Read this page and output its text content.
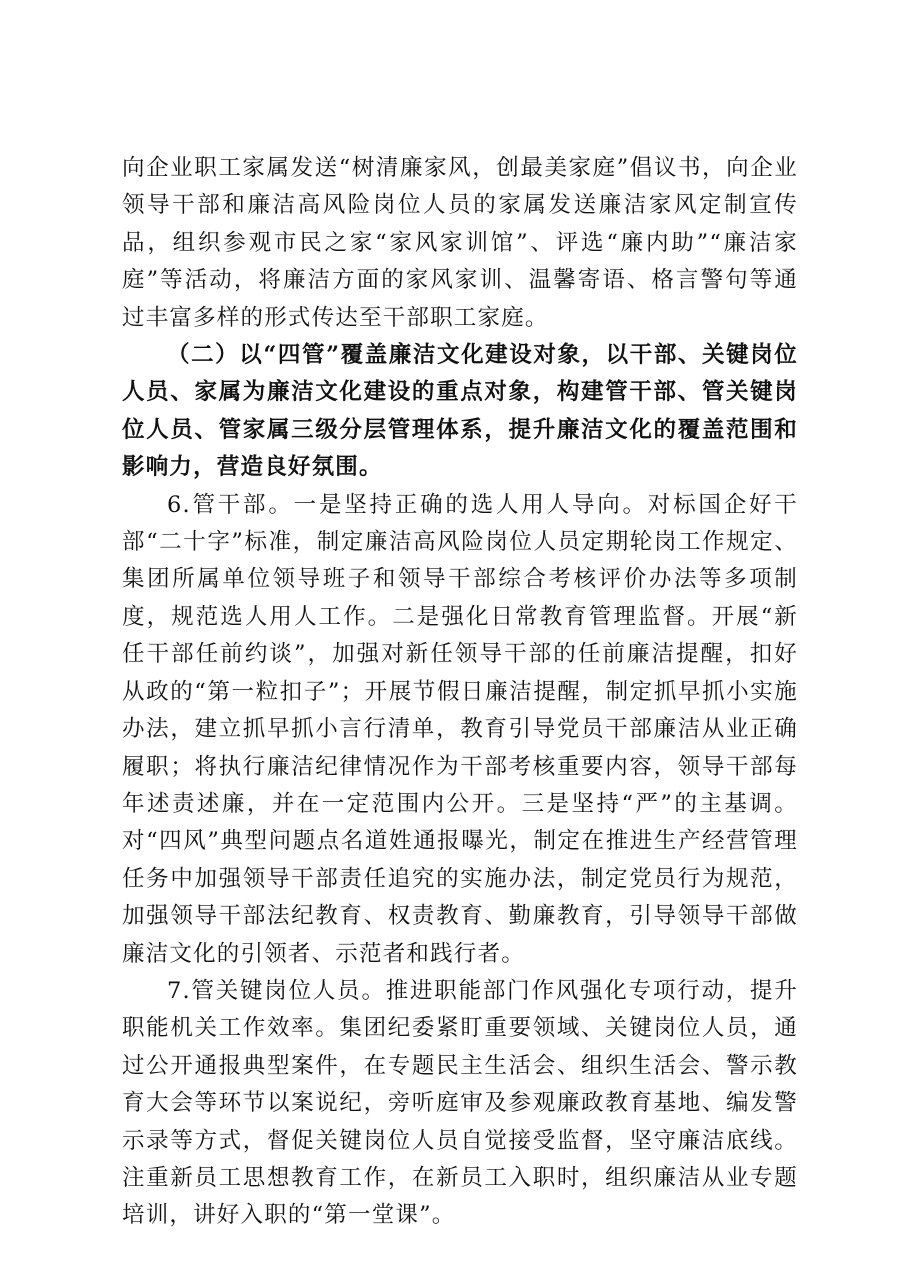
向企业职工家属发送“树清廉家风，创最美家庭”倡议书，向企业领导干部和廉洁高风险岗位人员的家属发送廉洁家风定制宣传品，组织参观市民之家“家风家训馆”、评选“廉内助”“廉洁家庭”等活动，将廉洁方面的家风家训、温馨寄语、格言警句等通过丰富多样的形式传达至干部职工家庭。

（二）以“四管”覆盖廉洁文化建设对象，以干部、关键岗位人员、家属为廉洁文化建设的重点对象，构建管干部、管关键岗位人员、管家属三级分层管理体系，提升廉洁文化的覆盖范围和影响力，营造良好氛围。

6.管干部。一是坚持正确的选人用人导向。对标国企好干部“二十字”标准，制定廉洁高风险岗位人员定期轮岗工作规定、集团所属单位领导班子和领导干部综合考核评价办法等多项制度，规范选人用人工作。二是强化日常教育管理监督。开展“新任干部任前约谈”，加强对新任领导干部的任前廉洁提醒，扣好从政的“第一粒扣子”；开展节假日廉洁提醒，制定抓早抓小实施办法，建立抓早抓小言行清单，教育引导党员干部廉洁从业正确履职；将执行廉洁纪律情况作为干部考核重要内容，领导干部每年述责述廉，并在一定范围内公开。三是坚持“严”的主基调。对“四风”典型问题点名道姓通报曝光，制定在推进生产经营管理任务中加强领导干部责任追究的实施办法，制定党员行为规范，加强领导干部法纪教育、权责教育、勤廉教育，引导领导干部做廉洁文化的引领者、示范者和践行者。

7.管关键岗位人员。推进职能部门作风强化专项行动，提升职能机关工作效率。集团纪委紧盯重要领域、关键岗位人员，通过公开通报典型案件，在专题民主生活会、组织生活会、警示教育大会等环节以案说纪，旁听庭审及参观廉政教育基地、编发警示录等方式，督促关键岗位人员自觉接受监督，坚守廉洁底线。注重新员工思想教育工作，在新员工入职时，组织廉洁从业专题培训，讲好入职的“第一堂课”。
